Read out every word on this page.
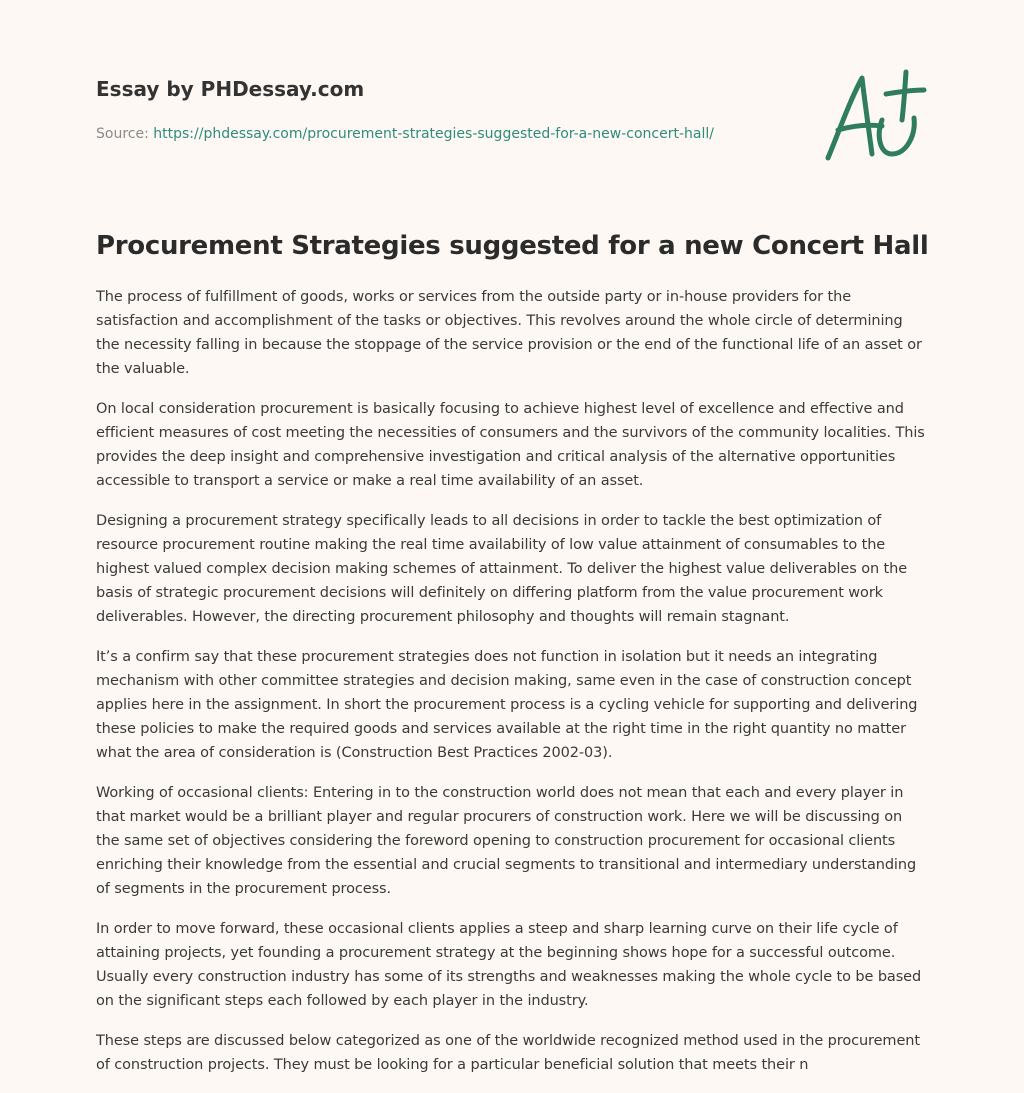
Essay by PHDessay.com
Source: https://phdessay.com/procurement-strategies-suggested-for-a-new-concert-hall/
Procurement Strategies suggested for a new Concert Hall

The process of fulfillment of goods, works or services from the outside party or in-house providers for the satisfaction and accomplishment of the tasks or objectives. This revolves around the whole circle of determining the necessity falling in because the stoppage of the service provision or the end of the functional life of an asset or the valuable.

On local consideration procurement is basically focusing to achieve highest level of excellence and effective and efficient measures of cost meeting the necessities of consumers and the survivors of the community localities. This provides the deep insight and comprehensive investigation and critical analysis of the alternative opportunities accessible to transport a service or make a real time availability of an asset.

Designing a procurement strategy specifically leads to all decisions in order to tackle the best optimization of resource procurement routine making the real time availability of low value attainment of consumables to the highest valued complex decision making schemes of attainment. To deliver the highest value deliverables on the basis of strategic procurement decisions will definitely on differing platform from the value procurement work deliverables. However, the directing procurement philosophy and thoughts will remain stagnant.

It’s a confirm say that these procurement strategies does not function in isolation but it needs an integrating mechanism with other committee strategies and decision making, same even in the case of construction concept applies here in the assignment. In short the procurement process is a cycling vehicle for supporting and delivering these policies to make the required goods and services available at the right time in the right quantity no matter what the area of consideration is (Construction Best Practices 2002-03).

Working of occasional clients: Entering in to the construction world does not mean that each and every player in that market would be a brilliant player and regular procurers of construction work. Here we will be discussing on the same set of objectives considering the foreword opening to construction procurement for occasional clients enriching their knowledge from the essential and crucial segments to transitional and intermediary understanding of segments in the procurement process.

In order to move forward, these occasional clients applies a steep and sharp learning curve on their life cycle of attaining projects, yet founding a procurement strategy at the beginning shows hope for a successful outcome. Usually every construction industry has some of its strengths and weaknesses making the whole cycle to be based on the significant steps each followed by each player in the industry.

These steps are discussed below categorized as one of the worldwide recognized method used in the procurement of construction projects. They must be looking for a particular beneficial solution that meets their n
